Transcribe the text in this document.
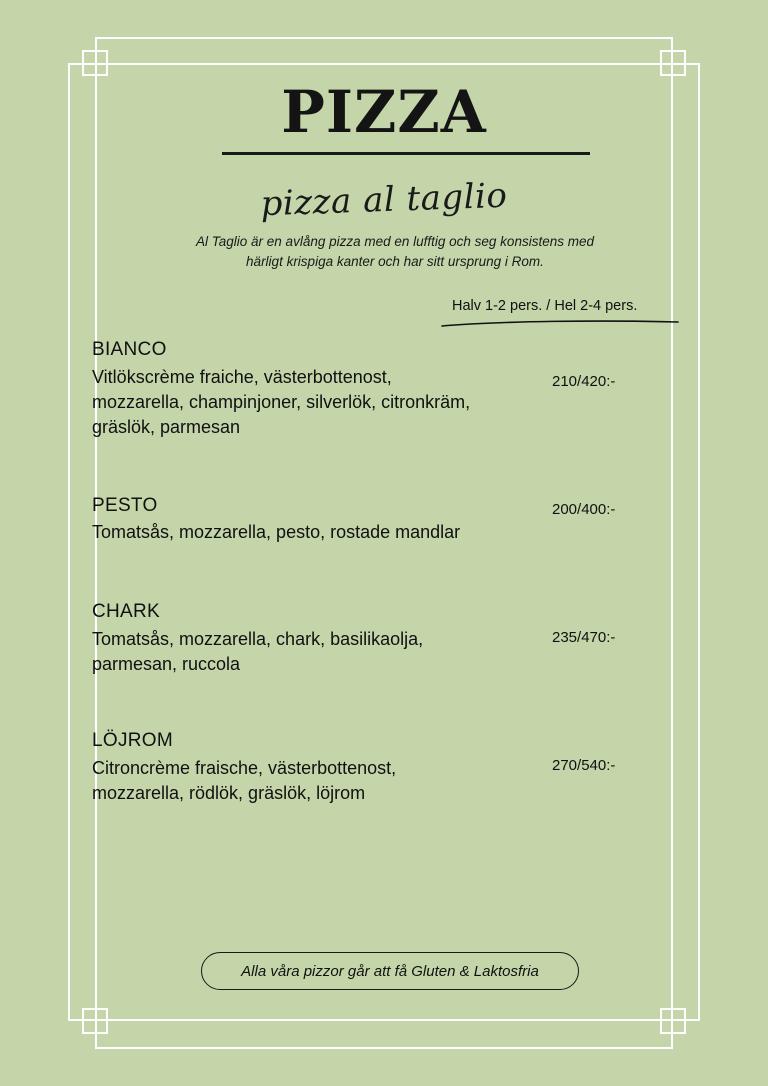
PIZZA
pizza al taglio
Al Taglio är en avlång pizza med en lufftig och seg konsistens med härligt krispiga kanter och har sitt ursprung i Rom.
Halv 1-2 pers. / Hel 2-4 pers.
BIANCO
Vitlökscrème fraiche, västerbottenost,
mozzarella, champinjoner, silverlök, citronkräm,
gräslök, parmesan
210/420:-
PESTO
Tomatsås, mozzarella, pesto, rostade mandlar
200/400:-
CHARK
Tomatsås, mozzarella, chark, basilikaolja,
parmesan, ruccola
235/470:-
LÖJROM
Citroncrème fraische, västerbottenost,
mozzarella, rödlök, gräslök, löjrom
270/540:-
Alla våra pizzor går att få Gluten & Laktosfria
